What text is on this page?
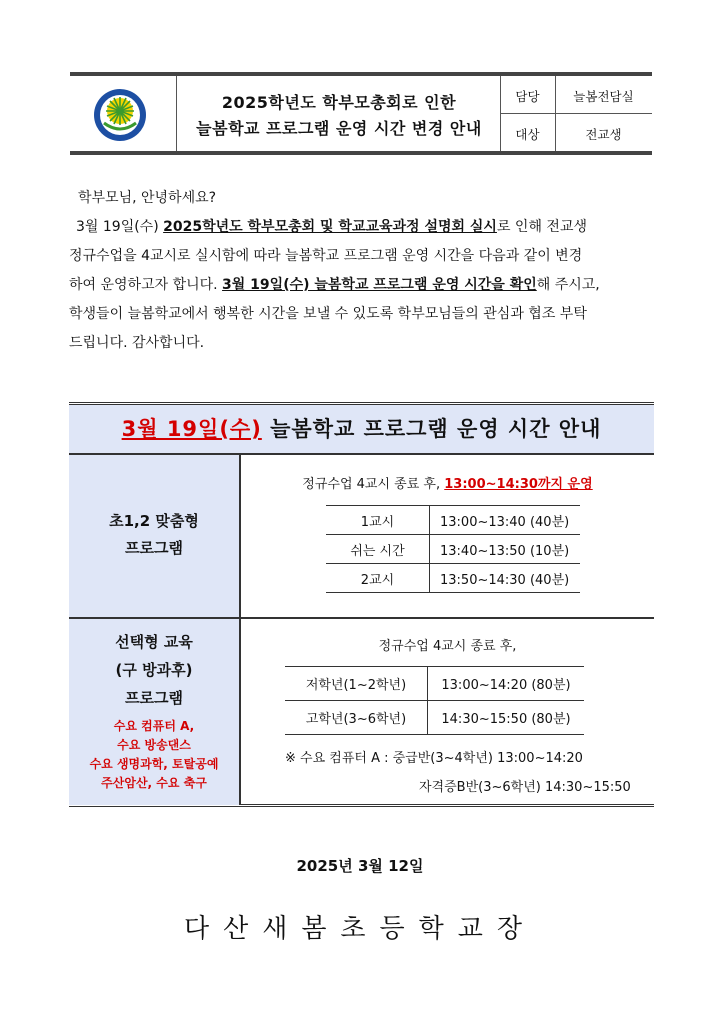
2025학년도 학부모총회로 인한
늘봄학교 프로그램 운영 시간 변경 안내
담당	늘봄전담실
대상	전교생
학부모님, 안녕하세요?
3월 19일(수) 2025학년도 학부모총회 및 학교교육과정 설명회 실시로 인해 전교생
정규수업을 4교시로 실시함에 따라 늘봄학교 프로그램 운영 시간을 다음과 같이 변경
하여 운영하고자 합니다. 3월 19일(수) 늘봄학교 프로그램 운영 시간을 확인해 주시고,
학생들이 늘봄학교에서 행복한 시간을 보낼 수 있도록 학부모님들의 관심과 협조 부탁
드립니다. 감사합니다.
3월 19일(수) 늘봄학교 프로그램 운영 시간 안내
초1,2 맞춤형
프로그램
정규수업 4교시 종료 후, 13:00~14:30까지 운영
1교시	13:00~13:40 (40분)
쉬는 시간	13:40~13:50 (10분)
2교시	13:50~14:30 (40분)
선택형 교육
(구 방과후)
프로그램
수요 컴퓨터 A,
수요 방송댄스
수요 생명과학, 토탈공예
주산암산, 수요 축구
정규수업 4교시 종료 후,
저학년(1~2학년)	13:00~14:20 (80분)
고학년(3~6학년)	14:30~15:50 (80분)
※ 수요 컴퓨터 A : 중급반(3~4학년) 13:00~14:20
자격증B반(3~6학년) 14:30~15:50
2025년 3월 12일
다산새봄초등학교장
